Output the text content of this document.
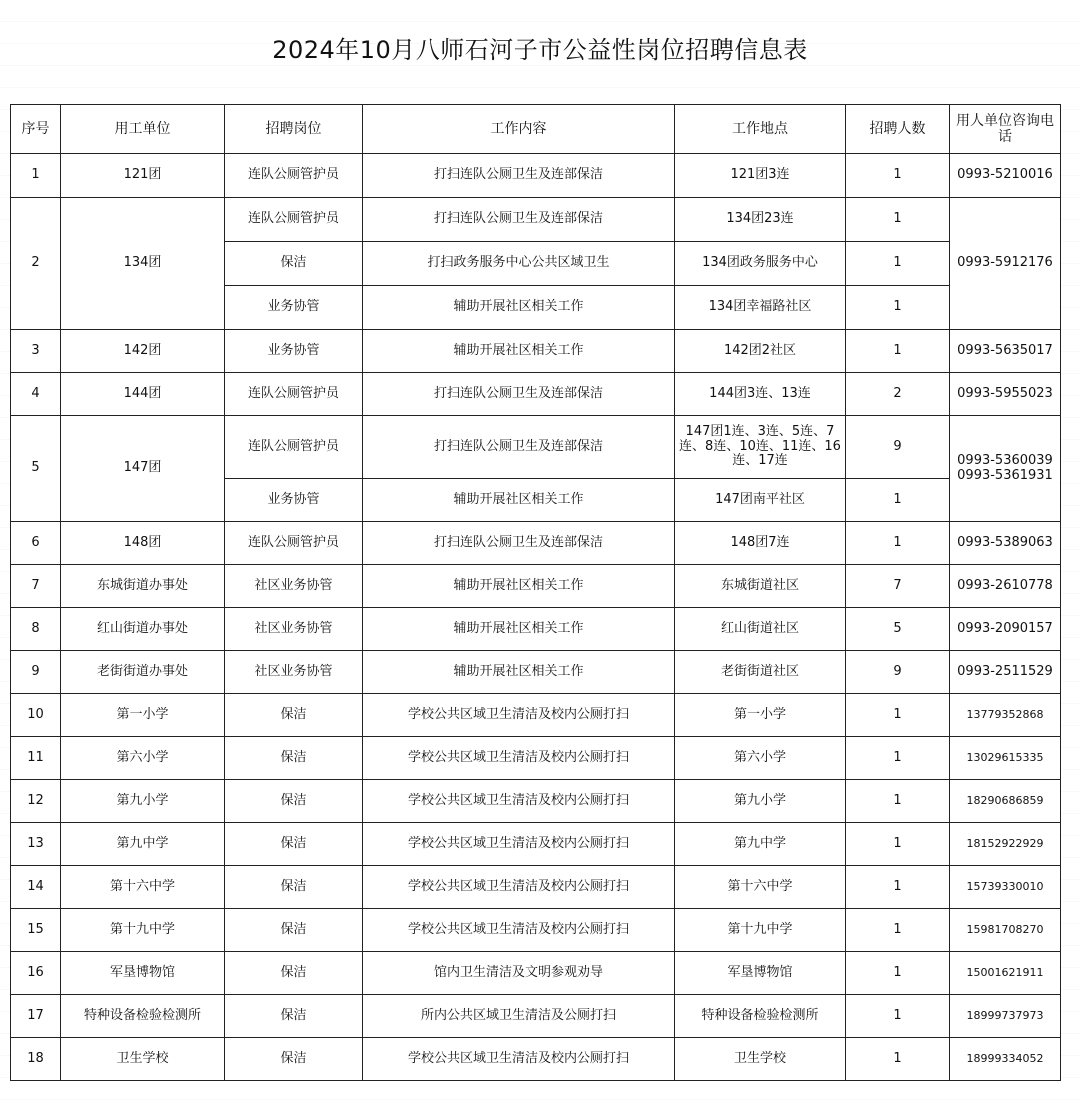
2024年10月八师石河子市公益性岗位招聘信息表
序号	用工单位	招聘岗位	工作内容	工作地点	招聘人数	用人单位咨询电话
1	121团	连队公厕管护员	打扫连队公厕卫生及连部保洁	121团3连	1	0993-5210016
2	134团	连队公厕管护员	打扫连队公厕卫生及连部保洁	134团23连	1	0993-5912176
		保洁	打扫政务服务中心公共区域卫生	134团政务服务中心	1	
		业务协管	辅助开展社区相关工作	134团幸福路社区	1	
3	142团	业务协管	辅助开展社区相关工作	142团2社区	1	0993-5635017
4	144团	连队公厕管护员	打扫连队公厕卫生及连部保洁	144团3连、13连	2	0993-5955023
5	147团	连队公厕管护员	打扫连队公厕卫生及连部保洁	147团1连、3连、5连、7连、8连、10连、11连、16连、17连	9	0993-5360039 0993-5361931
		业务协管	辅助开展社区相关工作	147团南平社区	1	
6	148团	连队公厕管护员	打扫连队公厕卫生及连部保洁	148团7连	1	0993-5389063
7	东城街道办事处	社区业务协管	辅助开展社区相关工作	东城街道社区	7	0993-2610778
8	红山街道办事处	社区业务协管	辅助开展社区相关工作	红山街道社区	5	0993-2090157
9	老街街道办事处	社区业务协管	辅助开展社区相关工作	老街街道社区	9	0993-2511529
10	第一小学	保洁	学校公共区域卫生清洁及校内公厕打扫	第一小学	1	13779352868
11	第六小学	保洁	学校公共区域卫生清洁及校内公厕打扫	第六小学	1	13029615335
12	第九小学	保洁	学校公共区域卫生清洁及校内公厕打扫	第九小学	1	18290686859
13	第九中学	保洁	学校公共区域卫生清洁及校内公厕打扫	第九中学	1	18152922929
14	第十六中学	保洁	学校公共区域卫生清洁及校内公厕打扫	第十六中学	1	15739330010
15	第十九中学	保洁	学校公共区域卫生清洁及校内公厕打扫	第十九中学	1	15981708270
16	军垦博物馆	保洁	馆内卫生清洁及文明参观劝导	军垦博物馆	1	15001621911
17	特种设备检验检测所	保洁	所内公共区域卫生清洁及公厕打扫	特种设备检验检测所	1	18999737973
18	卫生学校	保洁	学校公共区域卫生清洁及校内公厕打扫	卫生学校	1	18999334052
